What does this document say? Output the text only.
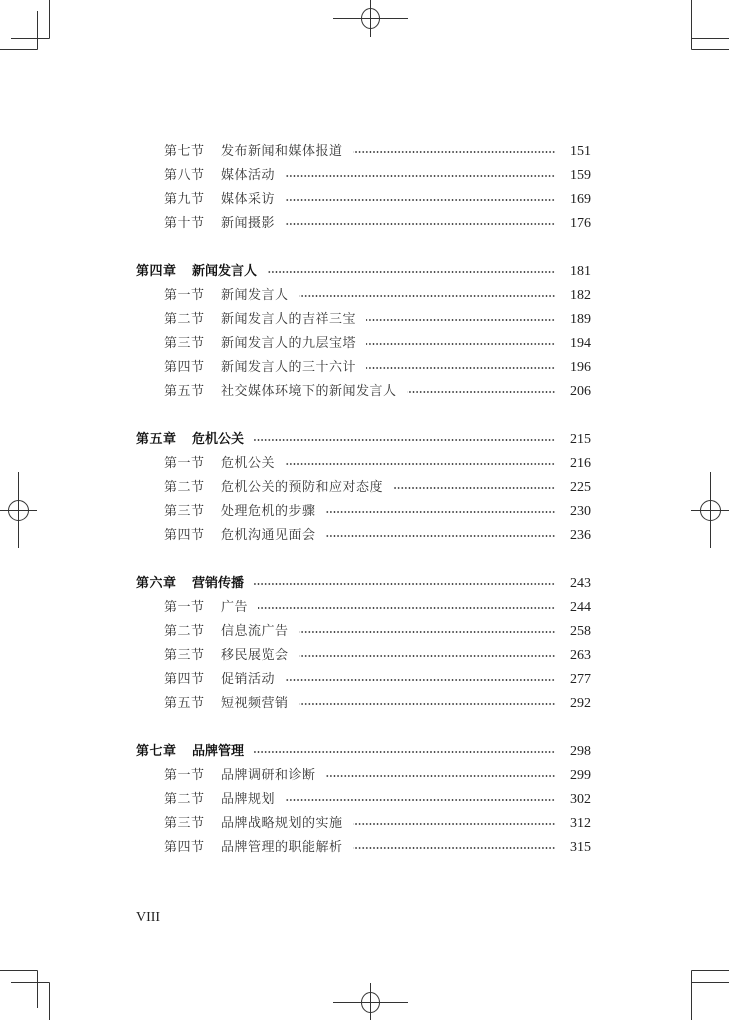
第七节	发布新闻和媒体报道	151
第八节	媒体活动	159
第九节	媒体采访	169
第十节	新闻摄影	176
第四章	新闻发言人	181
第一节	新闻发言人	182
第二节	新闻发言人的吉祥三宝	189
第三节	新闻发言人的九层宝塔	194
第四节	新闻发言人的三十六计	196
第五节	社交媒体环境下的新闻发言人	206
第五章	危机公关	215
第一节	危机公关	216
第二节	危机公关的预防和应对态度	225
第三节	处理危机的步骤	230
第四节	危机沟通见面会	236
第六章	营销传播	243
第一节	广告	244
第二节	信息流广告	258
第三节	移民展览会	263
第四节	促销活动	277
第五节	短视频营销	292
第七章	品牌管理	298
第一节	品牌调研和诊断	299
第二节	品牌规划	302
第三节	品牌战略规划的实施	312
第四节	品牌管理的职能解析	315
VIII
